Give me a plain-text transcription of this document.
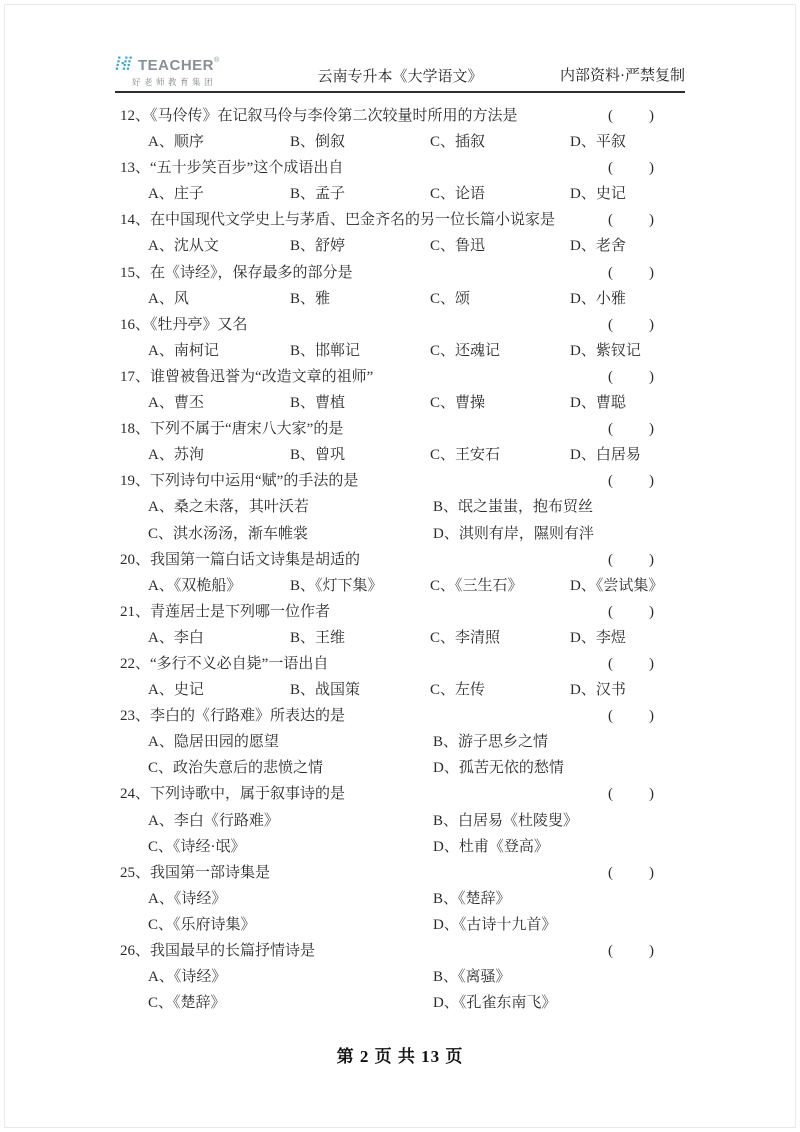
TEACHER ®
好老师教育集团	云南专升本《大学语文》	内部资料·严禁复制
12、《马伶传》在记叙马伶与李伶第二次较量时所用的方法是	(　　)
A、顺序	B、倒叙	C、插叙	D、平叙
13、“五十步笑百步”这个成语出自	(　　)
A、庄子	B、孟子	C、论语	D、史记
14、在中国现代文学史上与茅盾、巴金齐名的另一位长篇小说家是	(　　)
A、沈从文	B、舒婷	C、鲁迅	D、老舍
15、在《诗经》，保存最多的部分是	(　　)
A、风	B、雅	C、颂	D、小雅
16、《牡丹亭》又名	(　　)
A、南柯记	B、邯郸记	C、还魂记	D、紫钗记
17、谁曾被鲁迅誉为“改造文章的祖师”	(　　)
A、曹丕	B、曹植	C、曹操	D、曹聪
18、下列不属于“唐宋八大家”的是	(　　)
A、苏洵	B、曾巩	C、王安石	D、白居易
19、下列诗句中运用“赋”的手法的是	(　　)
A、桑之未落，其叶沃若	B、氓之蚩蚩，抱布贸丝
C、淇水汤汤，渐车帷裳	D、淇则有岸，隰则有泮
20、我国第一篇白话文诗集是胡适的	(　　)
A、《双桅船》	B、《灯下集》	C、《三生石》	D、《尝试集》
21、青莲居士是下列哪一位作者	(　　)
A、李白	B、王维	C、李清照	D、李煜
22、“多行不义必自毙”一语出自	(　　)
A、史记	B、战国策	C、左传	D、汉书
23、李白的《行路难》所表达的是	(　　)
A、隐居田园的愿望	B、游子思乡之情
C、政治失意后的悲愤之情	D、孤苦无依的愁情
24、下列诗歌中，属于叙事诗的是	(　　)
A、李白《行路难》	B、白居易《杜陵叟》
C、《诗经·氓》	D、杜甫《登高》
25、我国第一部诗集是	(　　)
A、《诗经》	B、《楚辞》
C、《乐府诗集》	D、《古诗十九首》
26、我国最早的长篇抒情诗是	(　　)
A、《诗经》	B、《离骚》
C、《楚辞》	D、《孔雀东南飞》
第 2 页 共 13 页
